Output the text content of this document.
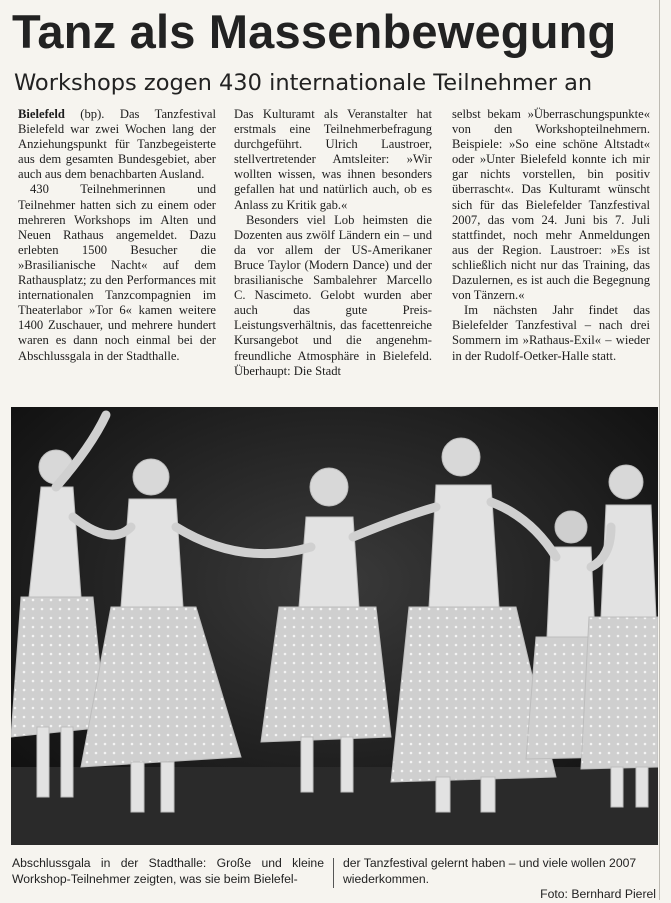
Tanz als Massenbewegung
Workshops zogen 430 internationale Teilnehmer an

Bielefeld (bp). Das Tanzfestival Bielefeld war zwei Wochen lang der Anziehungspunkt für Tanzbegeisterte aus dem gesamten Bundesgebiet, aber auch aus dem benachbarten Ausland.

430 Teilnehmerinnen und Teilnehmer hatten sich zu einem oder mehreren Workshops im Alten und Neuen Rathaus angemeldet. Dazu erlebten 1500 Besucher die »Brasilianische Nacht« auf dem Rathausplatz; zu den Performances mit internationalen Tanzcompagnien im Theaterlabor »Tor 6« kamen weitere 1400 Zuschauer, und mehrere hundert waren es dann noch einmal bei der Abschlussgala in der Stadthalle.

Das Kulturamt als Veranstalter hat erstmals eine Teilnehmerbefragung durchgeführt. Ulrich Laustroer, stellvertretender Amtsleiter: »Wir wollten wissen, was ihnen besonders gefallen hat und natürlich auch, ob es Anlass zu Kritik gab.«

Besonders viel Lob heimsten die Dozenten aus zwölf Ländern ein – und da vor allem der US-Amerikaner Bruce Taylor (Modern Dance) und der brasilianische Sambalehrer Marcello C. Nascimeto. Gelobt wurden aber auch das gute Preis-Leistungsverhältnis, das facettenreiche Kursangebot und die angenehm-freundliche Atmosphäre in Bielefeld. Überhaupt: Die Stadt

selbst bekam »Überraschungspunkte« von den Workshopteilnehmern. Beispiele: »So eine schöne Altstadt« oder »Unter Bielefeld konnte ich mir gar nichts vorstellen, bin positiv überrascht«. Das Kulturamt wünscht sich für das Bielefelder Tanzfestival 2007, das vom 24. Juni bis 7. Juli stattfindet, noch mehr Anmeldungen aus der Region. Laustroer: »Es ist schließlich nicht nur das Training, das Dazulernen, es ist auch die Begegnung von Tänzern.«

Im nächsten Jahr findet das Bielefelder Tanzfestival – nach drei Sommern im »Rathaus-Exil« – wieder in der Rudolf-Oetker-Halle statt.

Abschlussgala in der Stadthalle: Große und kleine Workshop-Teilnehmer zeigten, was sie beim Bielefel-
der Tanzfestival gelernt haben – und viele wollen 2007 wiederkommen.
Foto: Bernhard Pierel
